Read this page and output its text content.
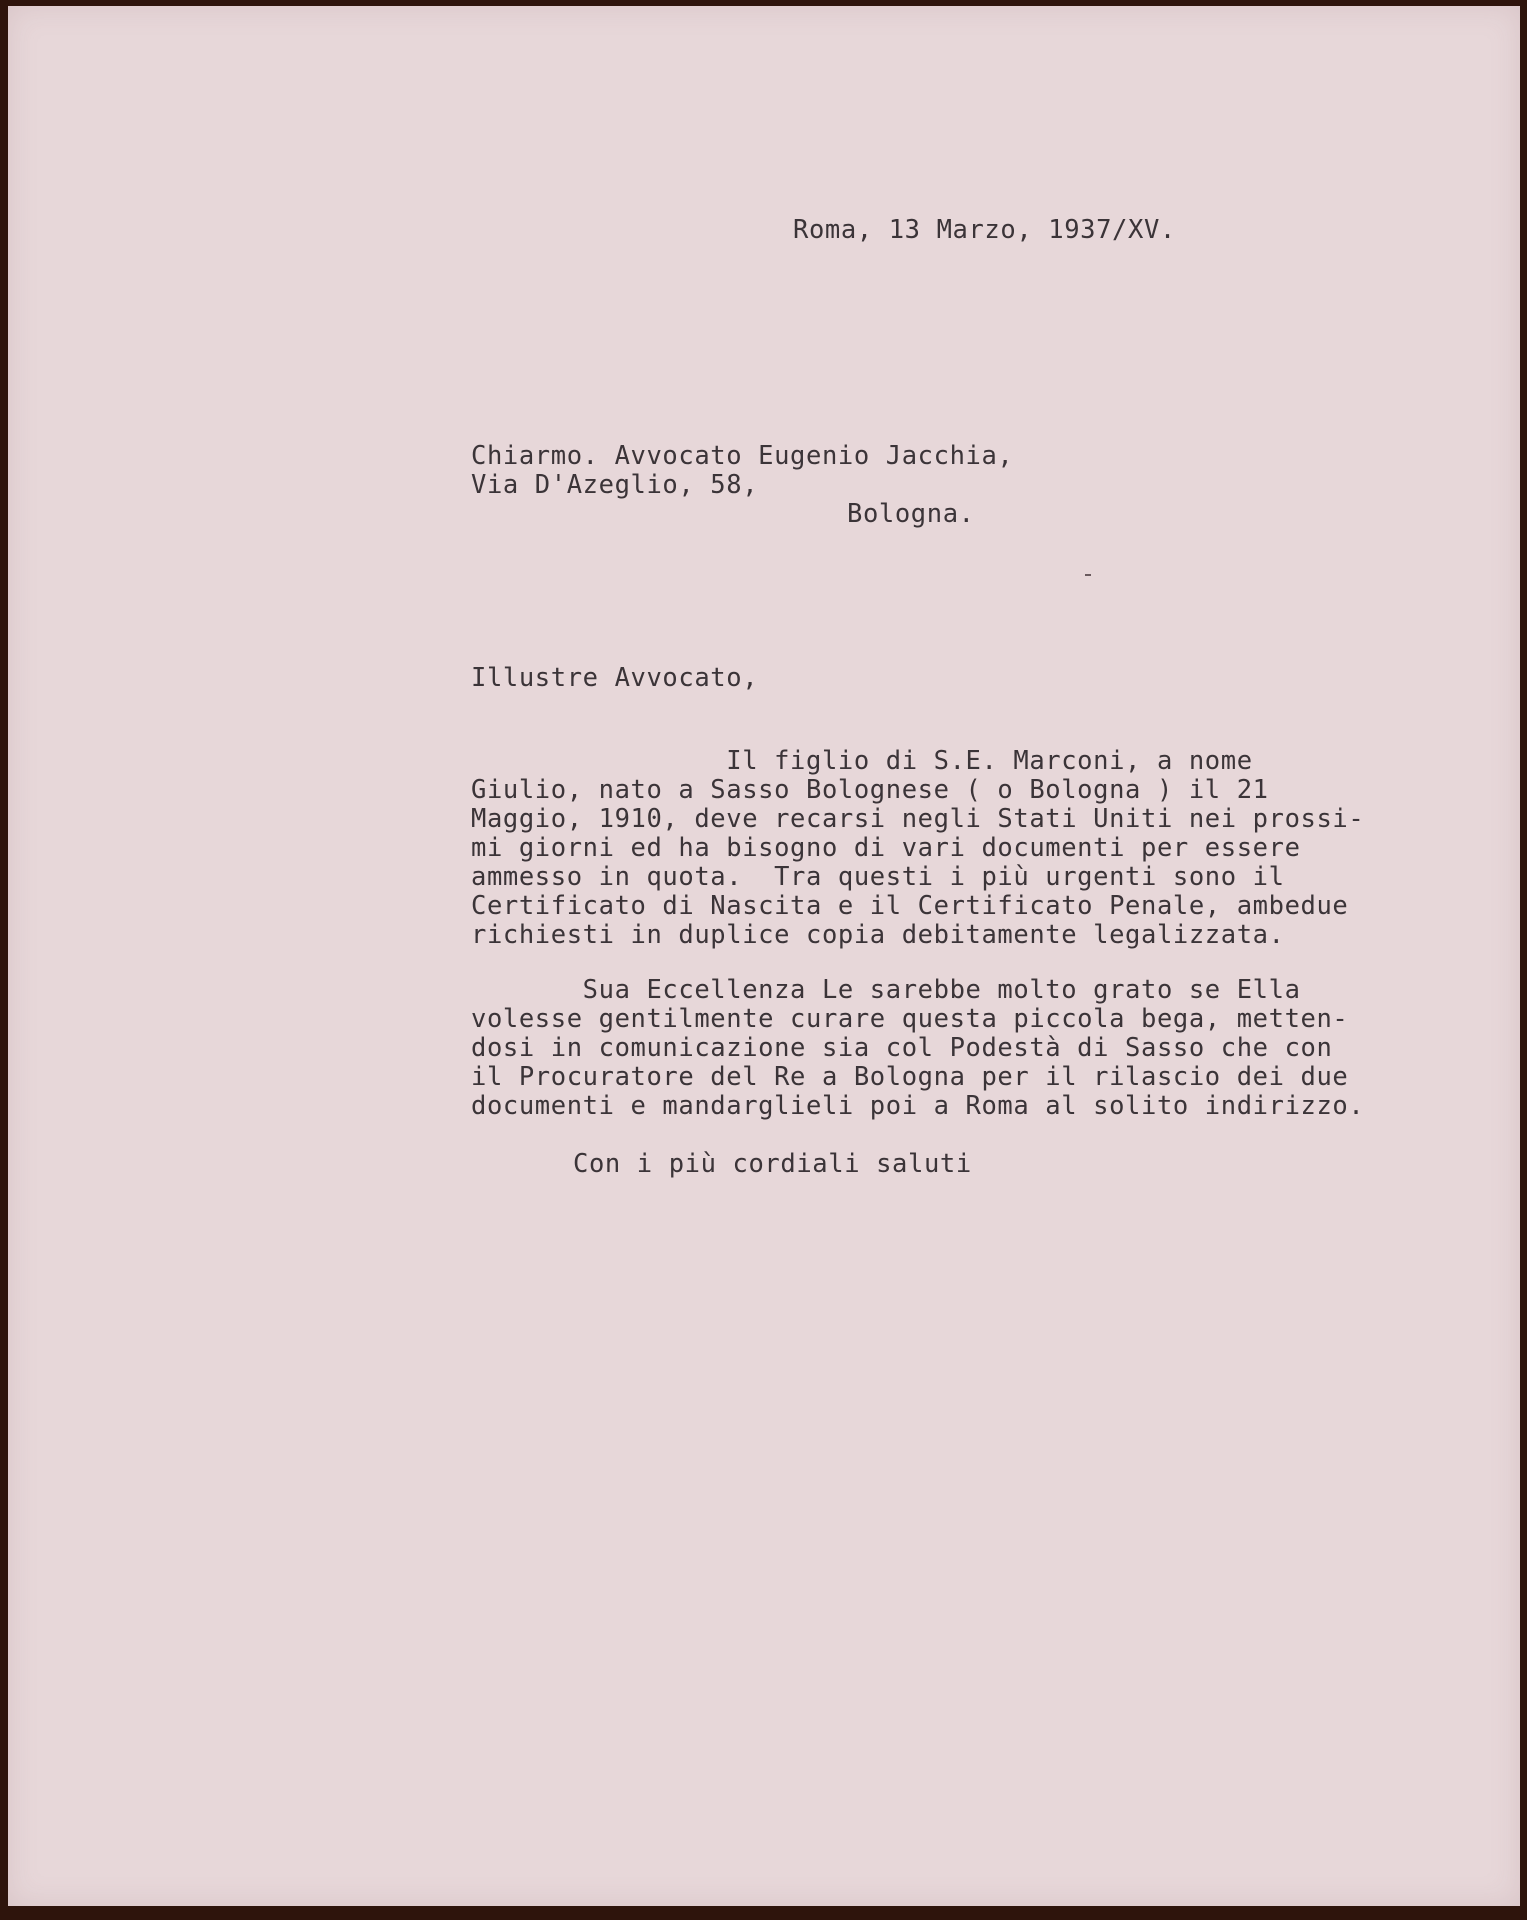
Roma, 13 Marzo, 1937/XV.
Chiarmo. Avvocato Eugenio Jacchia,
Via D'Azeglio, 58,
Bologna.
Illustre Avvocato,
Il figlio di S.E. Marconi, a nome
Giulio, nato a Sasso Bolognese ( o Bologna ) il 21
Maggio, 1910, deve recarsi negli Stati Uniti nei prossi-
mi giorni ed ha bisogno di vari documenti per essere
ammesso in quota.  Tra questi i più urgenti sono il
Certificato di Nascita e il Certificato Penale, ambedue
richiesti in duplice copia debitamente legalizzata.
Sua Eccellenza Le sarebbe molto grato se Ella
volesse gentilmente curare questa piccola bega, metten-
dosi in comunicazione sia col Podestà di Sasso che con
il Procuratore del Re a Bologna per il rilascio dei due
documenti e mandarglieli poi a Roma al solito indirizzo.
Con i più cordiali saluti
